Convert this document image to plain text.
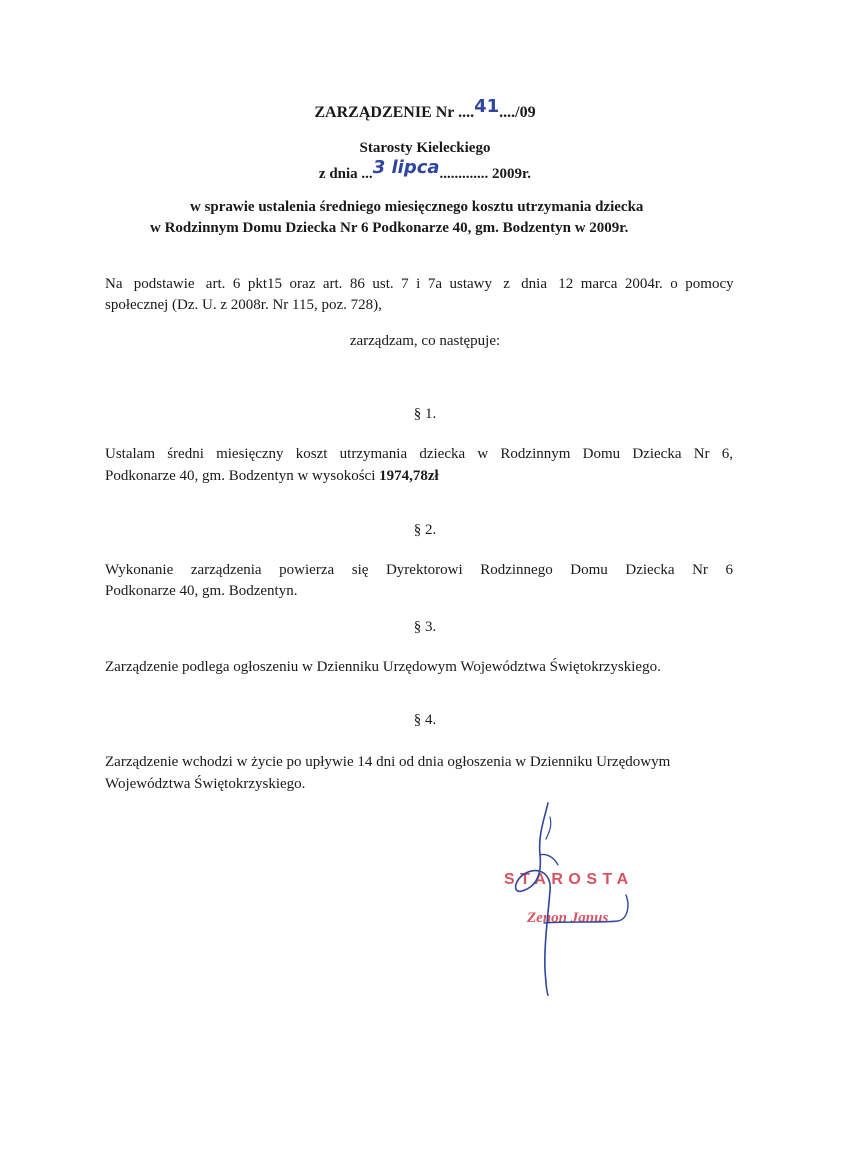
ZARZĄDZENIE Nr ....41..../09
Starosty Kieleckiego
z dnia ...3 lipca............. 2009r.
w sprawie ustalenia średniego miesięcznego kosztu utrzymania dziecka
w Rodzinnym Domu Dziecka Nr 6 Podkonarze 40, gm. Bodzentyn w 2009r.
Na   podstawie   art.  6  pkt15  oraz  art.  86  ust.  7  i  7a  ustawy   z   dnia   12  marca  2004r.  o  pomocy
społecznej (Dz. U. z 2008r. Nr 115, poz. 728),
zarządzam, co następuje:
§ 1.
Ustalam średni miesięczny koszt utrzymania dziecka w Rodzinnym Domu Dziecka Nr 6,
Podkonarze 40, gm. Bodzentyn w wysokości 1974,78zł
§ 2.
Wykonanie  zarządzenia  powierza  się  Dyrektorowi  Rodzinnego  Domu  Dziecka  Nr  6
Podkonarze 40, gm. Bodzentyn.
§ 3.
Zarządzenie podlega ogłoszeniu w Dzienniku Urzędowym Województwa Świętokrzyskiego.
§ 4.
Zarządzenie wchodzi w życie po upływie 14 dni od dnia ogłoszenia w Dzienniku Urzędowym
Województwa Świętokrzyskiego.
STAROSTA
Zenon Janus
